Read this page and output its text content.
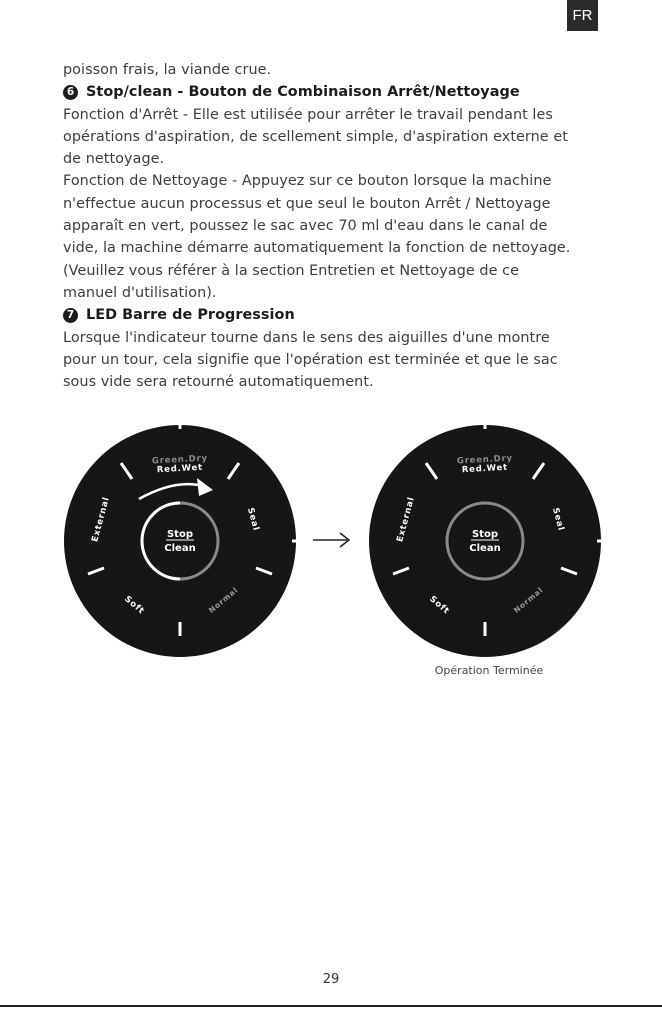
FR

poisson frais, la viande crue.

6 Stop/clean - Bouton de Combinaison Arrêt/Nettoyage

Fonction d'Arrêt - Elle est utilisée pour arrêter le travail pendant les

opérations d'aspiration, de scellement simple, d'aspiration externe et

de nettoyage.

Fonction de Nettoyage - Appuyez sur ce bouton lorsque la machine

n'effectue aucun processus et que seul le bouton Arrêt / Nettoyage

apparaît en vert, poussez le sac avec 70 ml d'eau dans le canal de

vide, la machine démarre automatiquement la fonction de nettoyage.

(Veuillez vous référer à la section Entretien et Nettoyage de ce

manuel d'utilisation).

7 LED Barre de Progression

Lorsque l'indicateur tourne dans le sens des aiguilles d'une montre

pour un tour, cela signifie que l'opération est terminée et que le sac

sous vide sera retourné automatiquement.

Green.Dry
Red.Wet
Seal
External
Soft	Normal
Stop
Clean
Green.Dry
Red.Wet
Seal
External
Soft	Normal
Stop
Clean
Opération Terminée
29
